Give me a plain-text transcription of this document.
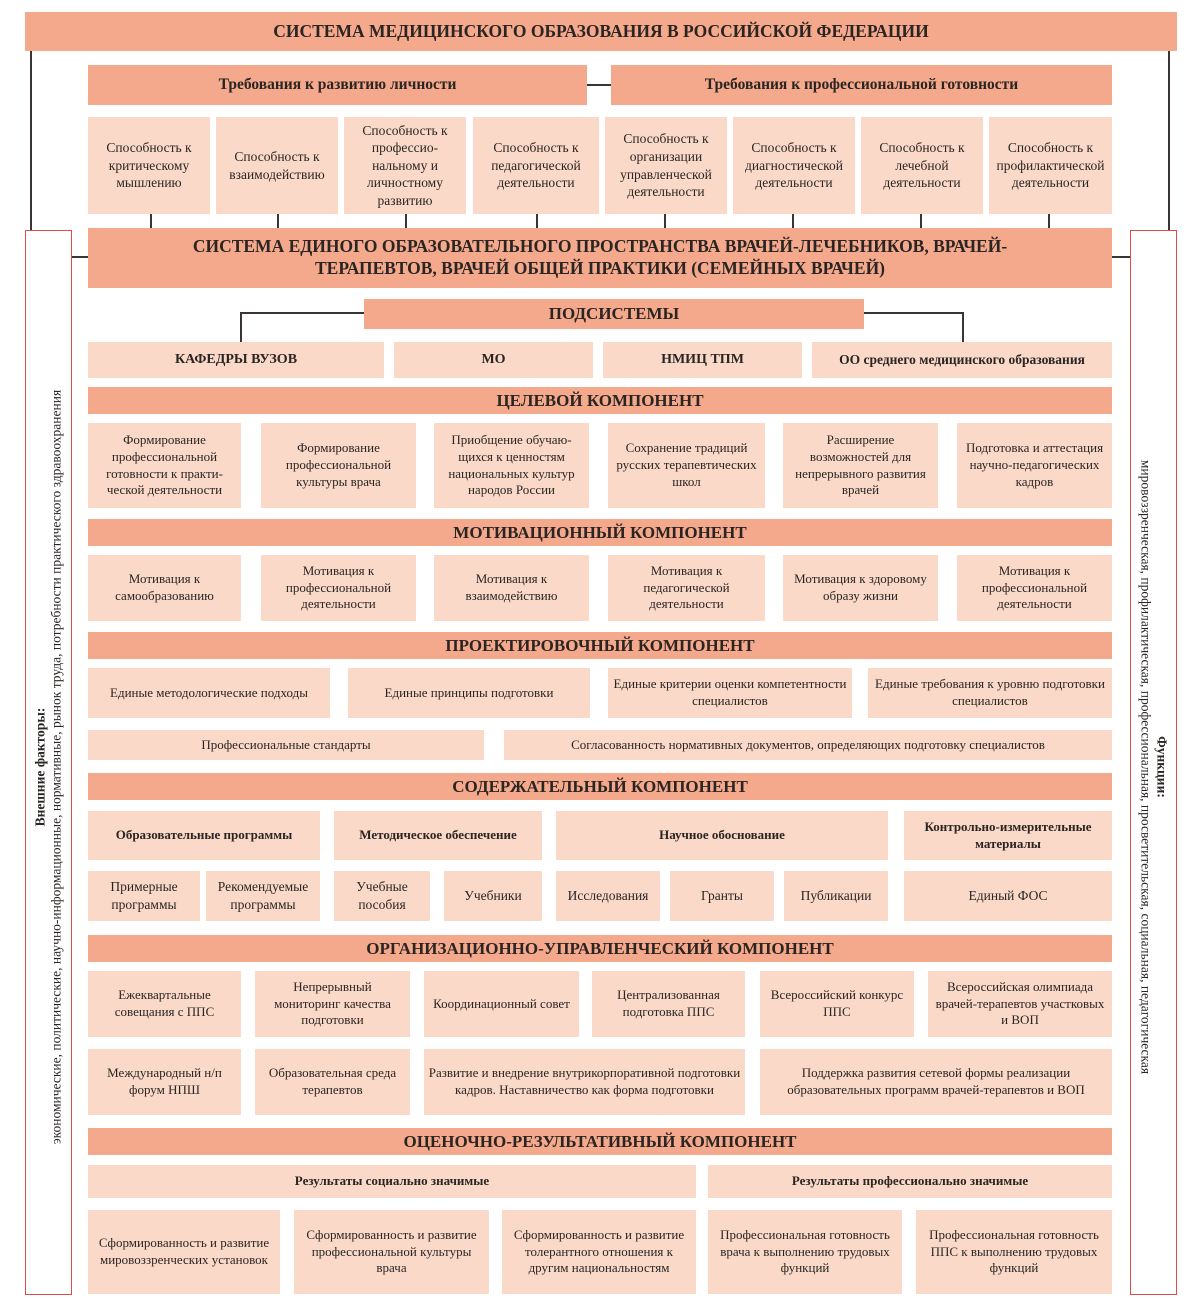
Внешние факторы:
экономические, политические, научно-информационные, нормативные, рынок труда, потребности практического здравоохранения	Функции:
мировоззренческая, профилактическая, профессиональная, просветительская, социальная, педагогическая
СИСТЕМА МЕДИЦИНСКОГО ОБРАЗОВАНИЯ В РОССИЙСКОЙ ФЕДЕРАЦИИ
Требования к развитию личности	Требования к профессиональной готовности
Способность к критическому мышлению
Способность к взаимодействию
Способность к профессиональному и личностному развитию
Способность к педагогической деятельности
Способность к организации управленческой деятельности
Способность к диагностической деятельности
Способность к лечебной деятельности
Способность к профилактической деятельности
СИСТЕМА ЕДИНОГО ОБРАЗОВАТЕЛЬНОГО ПРОСТРАНСТВА ВРАЧЕЙ-ЛЕЧЕБНИКОВ, ВРАЧЕЙ-ТЕРАПЕВТОВ, ВРАЧЕЙ ОБЩЕЙ ПРАКТИКИ (СЕМЕЙНЫХ ВРАЧЕЙ)
ПОДСИСТЕМЫ
КАФЕДРЫ ВУЗОВ	МО	НМИЦ ТПМ	ОО среднего медицинского образования
ЦЕЛЕВОЙ КОМПОНЕНТ
Формирование профессиональной готовности к практической деятельности
Формирование профессиональной культуры врача
Приобщение обучающихся к ценностям национальных культур народов России
Сохранение традиций русских терапевтических школ
Расширение возможностей для непрерывного развития врачей
Подготовка и аттестация научно-педагогических кадров
МОТИВАЦИОННЫЙ КОМПОНЕНТ
Мотивация к самообразованию
Мотивация к профессиональной деятельности
Мотивация к взаимодействию
Мотивация к педагогической деятельности
Мотивация к здоровому образу жизни
Мотивация к профессиональной деятельности
ПРОЕКТИРОВОЧНЫЙ КОМПОНЕНТ
Единые методологические подходы	Единые принципы подготовки
Единые критерии оценки компетентности специалистов
Единые требования к уровню подготовки специалистов
Профессиональные стандарты	Согласованность нормативных документов, определяющих подготовку специалистов
СОДЕРЖАТЕЛЬНЫЙ КОМПОНЕНТ
Образовательные программы	Методическое обеспечение	Научное обоснование
Контрольно-измерительные материалы
Примерные программы
Рекомендуемые программы
Учебные пособия
Учебники	Исследования	Гранты	Публикации	Единый ФОС
ОРГАНИЗАЦИОННО-УПРАВЛЕНЧЕСКИЙ КОМПОНЕНТ
Ежеквартальные совещания с ППС
Непрерывный мониторинг качества подготовки
Координационный совет
Централизованная подготовка ППС
Всероссийский конкурс ППС
Всероссийская олимпиада врачей-терапевтов участковых и ВОП
Международный н/п форум НПШ
Образовательная среда терапевтов
Развитие и внедрение внутрикорпоративной подготовки кадров. Наставничество как форма подготовки
Поддержка развития сетевой формы реализации образовательных программ врачей-терапевтов и ВОП
ОЦЕНОЧНО-РЕЗУЛЬТАТИВНЫЙ КОМПОНЕНТ
Результаты социально значимые	Результаты профессионально значимые
Сформированность и развитие мировоззренческих установок
Сформированность и развитие профессиональной культуры врача
Сформированность и развитие толерантного отношения к другим национальностям
Профессиональная готовность врача к выполнению трудовых функций
Профессиональная готовность ППС к выполнению трудовых функций
